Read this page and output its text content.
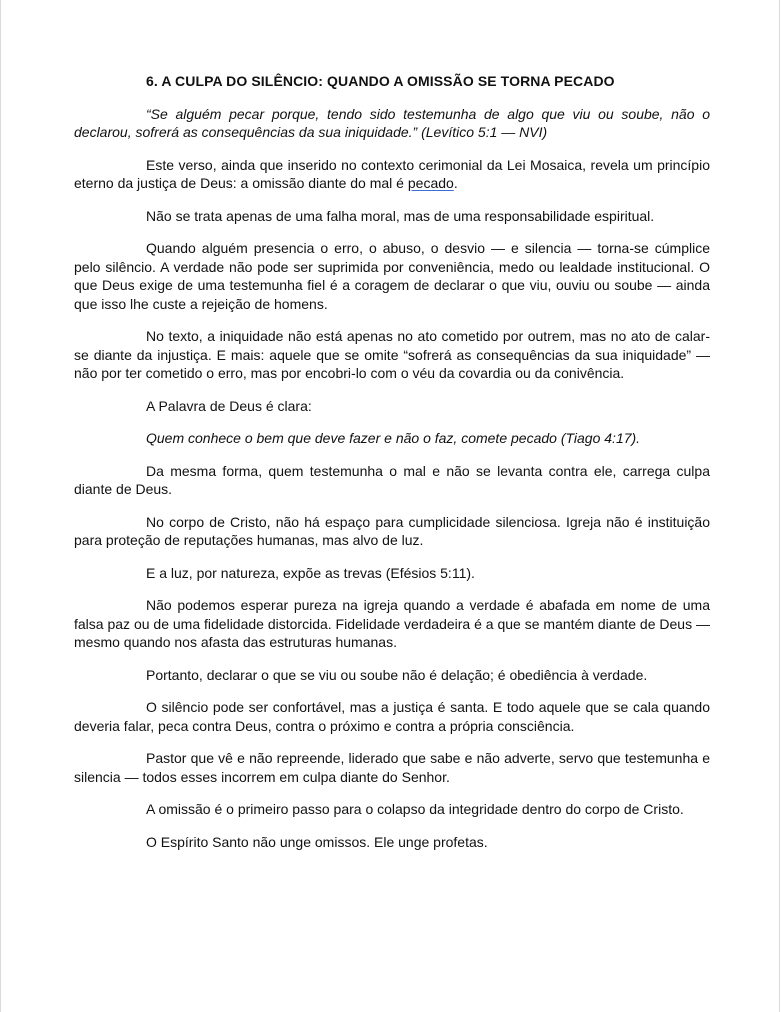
6. A CULPA DO SILÊNCIO: QUANDO A OMISSÃO SE TORNA PECADO

“Se alguém pecar porque, tendo sido testemunha de algo que viu ou soube, não o declarou, sofrerá as consequências da sua iniquidade.” (Levítico 5:1 — NVI)

Este verso, ainda que inserido no contexto cerimonial da Lei Mosaica, revela um princípio eterno da justiça de Deus: a omissão diante do mal é pecado.

Não se trata apenas de uma falha moral, mas de uma responsabilidade espiritual.

Quando alguém presencia o erro, o abuso, o desvio — e silencia — torna-se cúmplice pelo silêncio. A verdade não pode ser suprimida por conveniência, medo ou lealdade institucional. O que Deus exige de uma testemunha fiel é a coragem de declarar o que viu, ouviu ou soube — ainda que isso lhe custe a rejeição de homens.

No texto, a iniquidade não está apenas no ato cometido por outrem, mas no ato de calar-se diante da injustiça. E mais: aquele que se omite “sofrerá as consequências da sua iniquidade” — não por ter cometido o erro, mas por encobri-lo com o véu da covardia ou da conivência.

A Palavra de Deus é clara:

Quem conhece o bem que deve fazer e não o faz, comete pecado (Tiago 4:17).

Da mesma forma, quem testemunha o mal e não se levanta contra ele, carrega culpa diante de Deus.

No corpo de Cristo, não há espaço para cumplicidade silenciosa. Igreja não é instituição para proteção de reputações humanas, mas alvo de luz.

E a luz, por natureza, expõe as trevas (Efésios 5:11).

Não podemos esperar pureza na igreja quando a verdade é abafada em nome de uma falsa paz ou de uma fidelidade distorcida. Fidelidade verdadeira é a que se mantém diante de Deus — mesmo quando nos afasta das estruturas humanas.

Portanto, declarar o que se viu ou soube não é delação; é obediência à verdade.

O silêncio pode ser confortável, mas a justiça é santa. E todo aquele que se cala quando deveria falar, peca contra Deus, contra o próximo e contra a própria consciência.

Pastor que vê e não repreende, liderado que sabe e não adverte, servo que testemunha e silencia — todos esses incorrem em culpa diante do Senhor.

A omissão é o primeiro passo para o colapso da integridade dentro do corpo de Cristo.

O Espírito Santo não unge omissos. Ele unge profetas.
